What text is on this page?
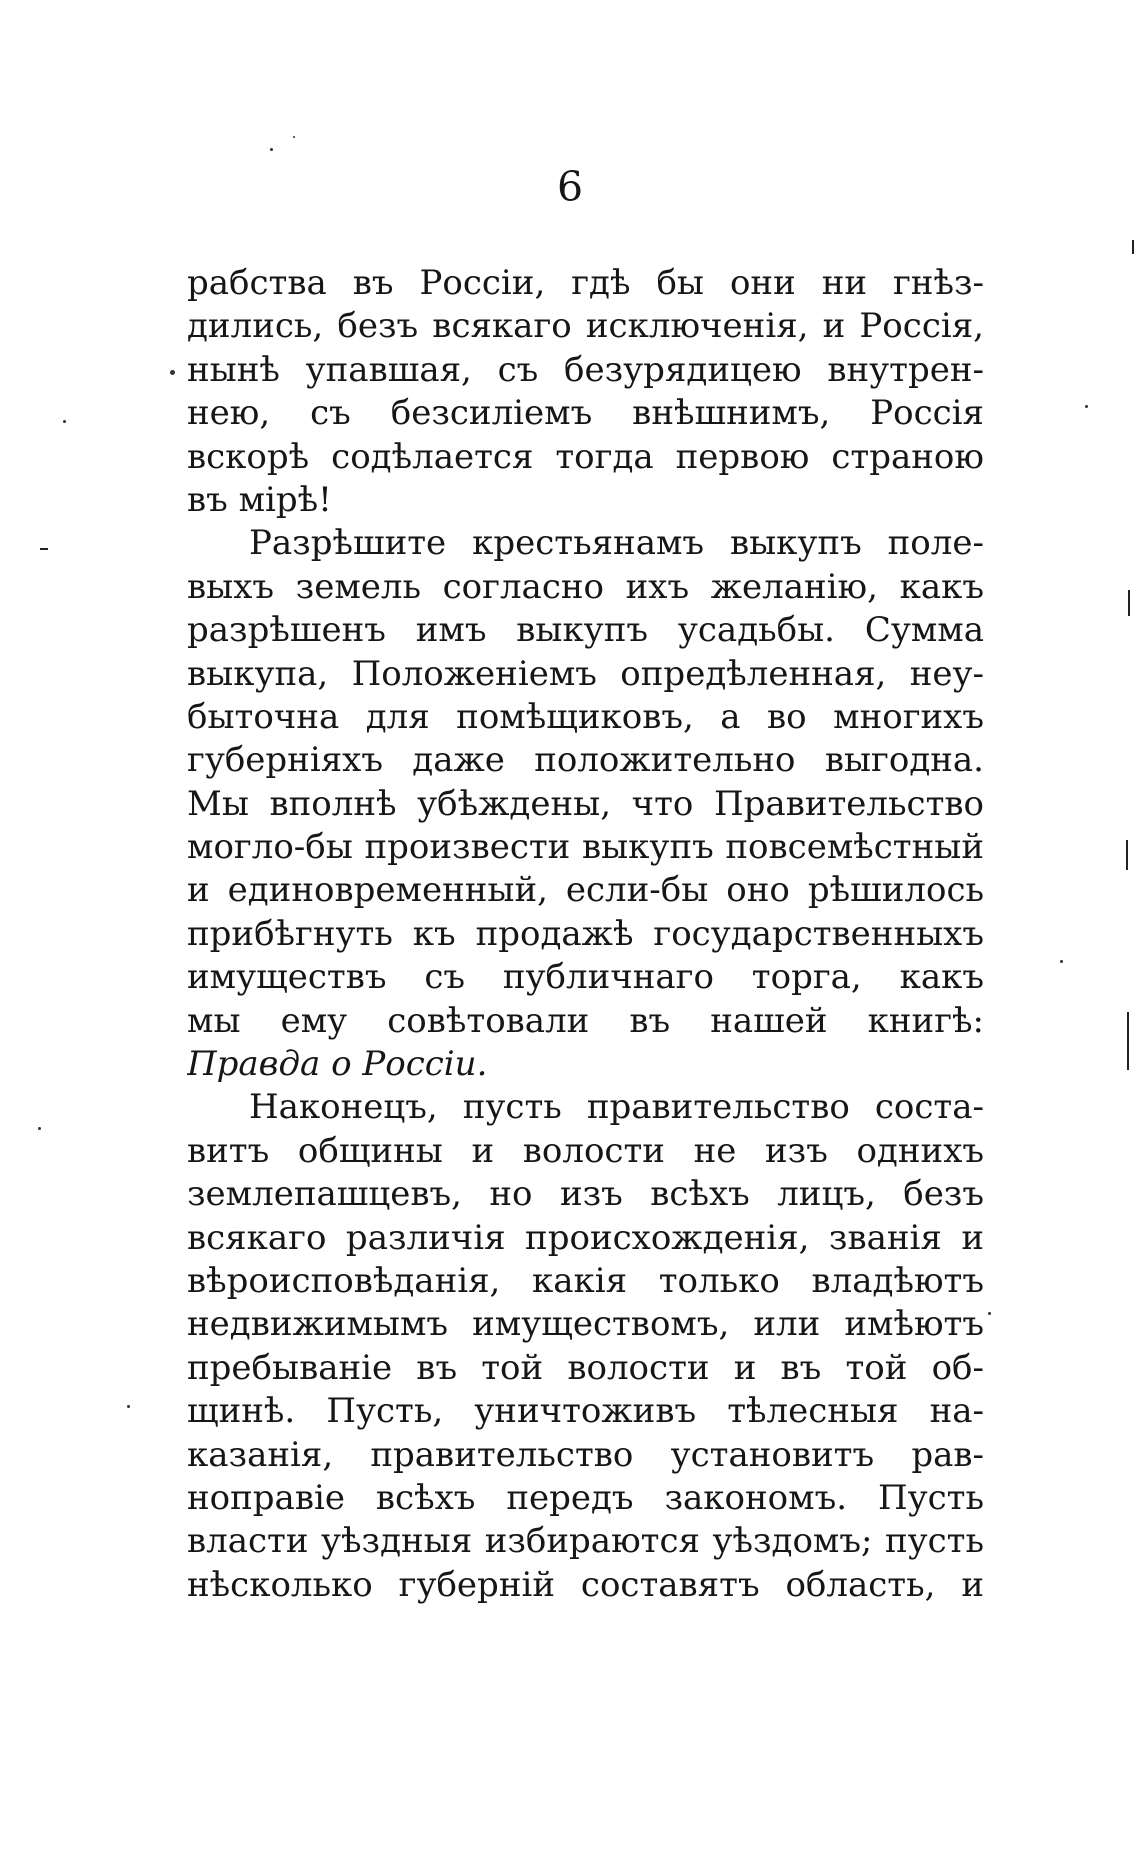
6
рабства въ Россіи, гдѣ бы они ни гнѣз-
дились, безъ всякаго исключенія, и Россія,
нынѣ упавшая, съ безурядицею внутрен-
нею, съ безсиліемъ внѣшнимъ, Россія
вскорѣ содѣлается тогда первою страною
въ мірѣ!
Разрѣшите крестьянамъ выкупъ поле-
выхъ земель согласно ихъ желанію, какъ
разрѣшенъ имъ выкупъ усадьбы. Сумма
выкупа, Положеніемъ опредѣленная, неу-
быточна для помѣщиковъ, а во многихъ
губерніяхъ даже положительно выгодна.
Мы вполнѣ убѣждены, что Правительство
могло-бы произвести выкупъ повсемѣстный
и единовременный, если-бы оно рѣшилось
прибѣгнуть къ продажѣ государственныхъ
имуществъ съ публичнаго торга, какъ
мы ему совѣтовали въ нашей книгѣ:
Правда о Россіи.
Наконецъ, пусть правительство соста-
витъ общины и волости не изъ однихъ
землепашцевъ, но изъ всѣхъ лицъ, безъ
всякаго различія происхожденія, званія и
вѣроисповѣданія, какія только владѣютъ
недвижимымъ имуществомъ, или имѣютъ
пребываніе въ той волости и въ той об-
щинѣ. Пусть, уничтоживъ тѣлесныя на-
казанія, правительство установитъ рав-
ноправіе всѣхъ передъ закономъ. Пусть
власти уѣздныя избираются уѣздомъ; пусть
нѣсколько губерній составятъ область, и
